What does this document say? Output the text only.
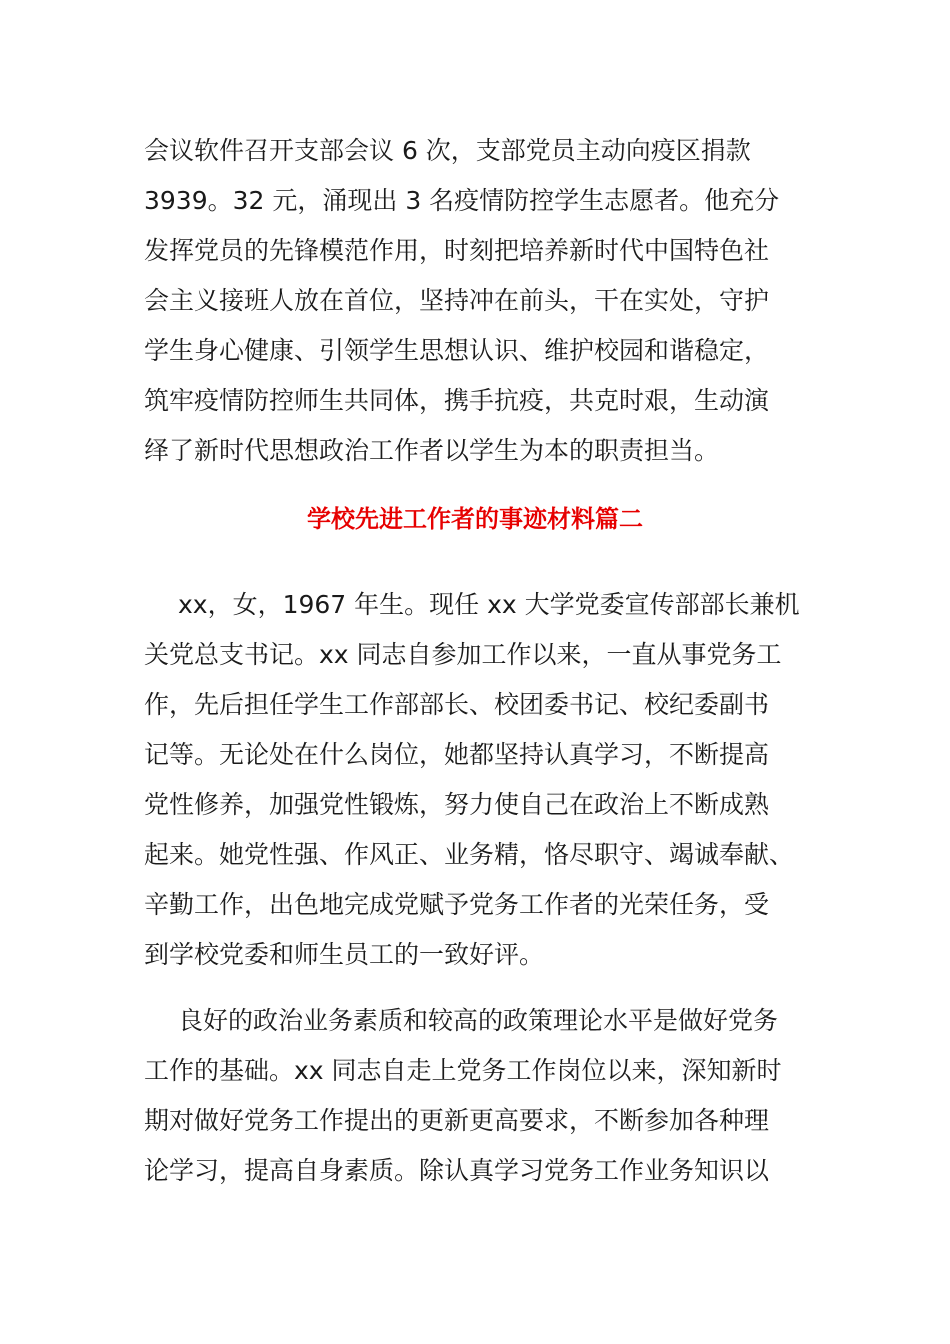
会议软件召开支部会议 6 次，支部党员主动向疫区捐款
3939。32 元，涌现出 3 名疫情防控学生志愿者。他充分
发挥党员的先锋模范作用，时刻把培养新时代中国特色社
会主义接班人放在首位，坚持冲在前头，干在实处，守护
学生身心健康、引领学生思想认识、维护校园和谐稳定，
筑牢疫情防控师生共同体，携手抗疫，共克时艰，生动演
绎了新时代思想政治工作者以学生为本的职责担当。
学校先进工作者的事迹材料篇二
xx，女，1967 年生。现任 xx 大学党委宣传部部长兼机
关党总支书记。xx 同志自参加工作以来，一直从事党务工
作，先后担任学生工作部部长、校团委书记、校纪委副书
记等。无论处在什么岗位，她都坚持认真学习，不断提高
党性修养，加强党性锻炼，努力使自己在政治上不断成熟
起来。她党性强、作风正、业务精，恪尽职守、竭诚奉献、
辛勤工作，出色地完成党赋予党务工作者的光荣任务，受
到学校党委和师生员工的一致好评。
良好的政治业务素质和较高的政策理论水平是做好党务
工作的基础。xx 同志自走上党务工作岗位以来，深知新时
期对做好党务工作提出的更新更高要求，不断参加各种理
论学习，提高自身素质。除认真学习党务工作业务知识以
